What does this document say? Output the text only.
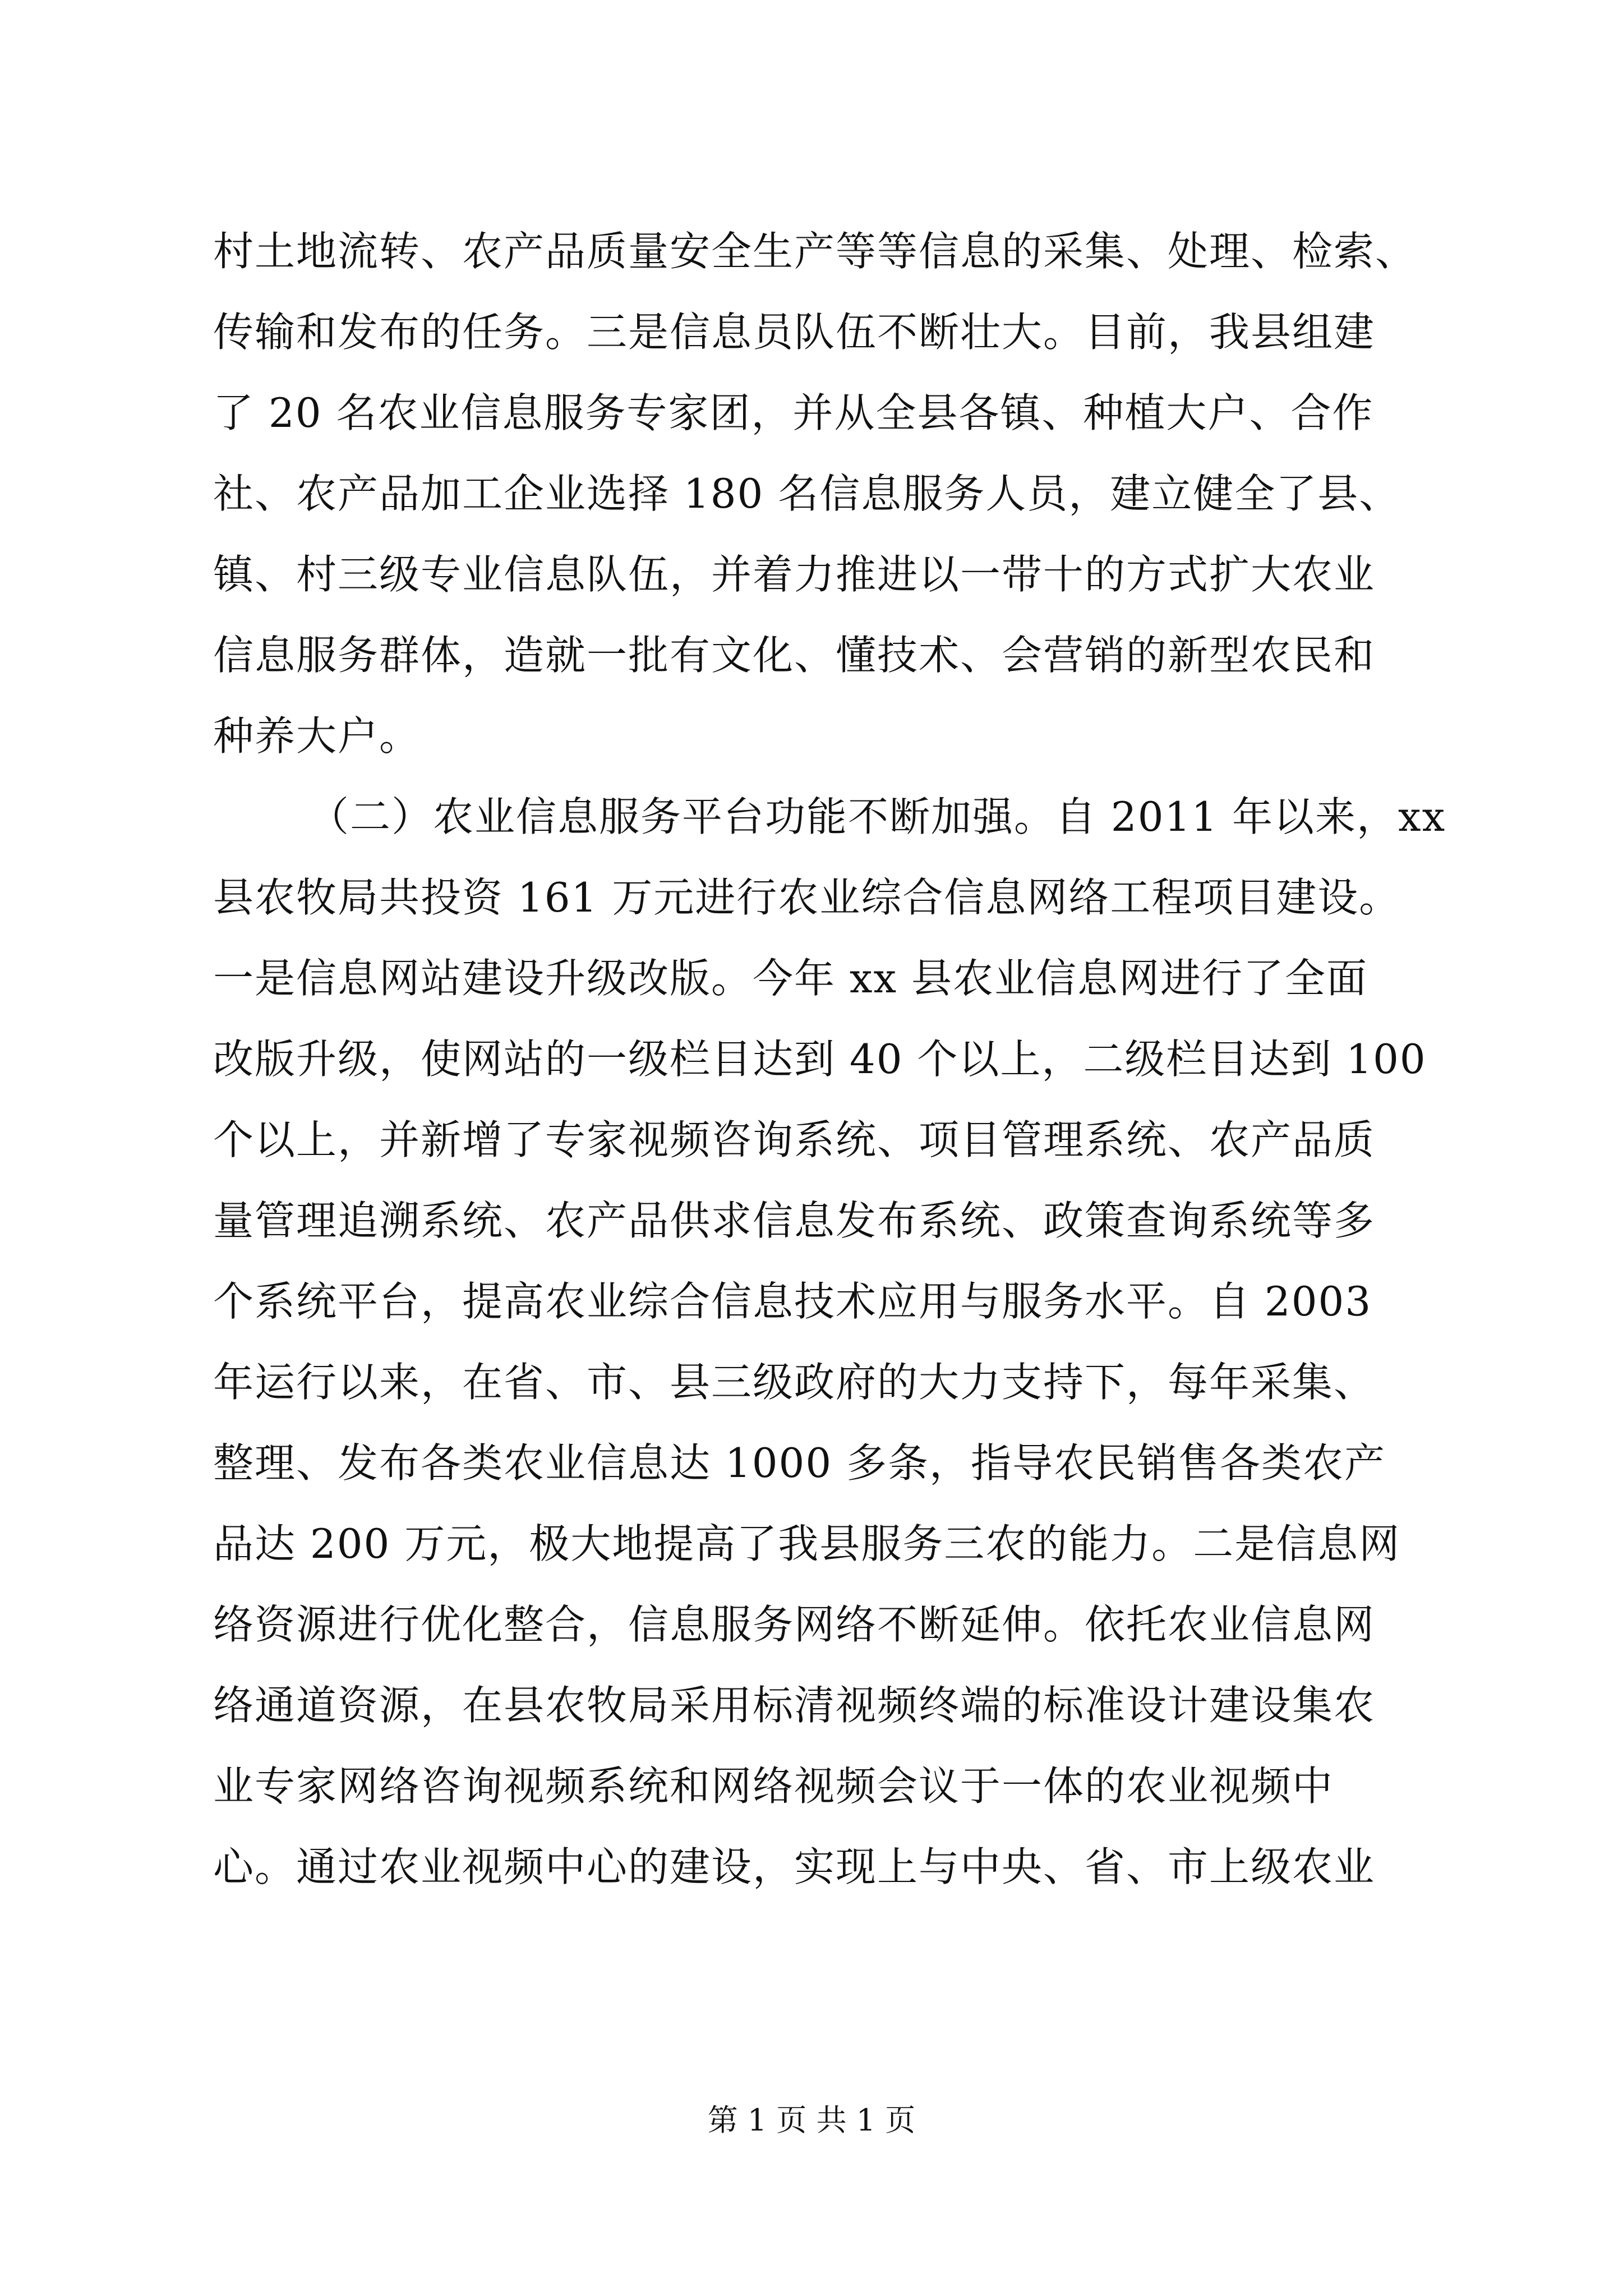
村土地流转、农产品质量安全生产等等信息的采集、处理、检索、
传输和发布的任务。三是信息员队伍不断壮大。目前，我县组建
了 20 名农业信息服务专家团，并从全县各镇、种植大户、合作
社、农产品加工企业选择 180 名信息服务人员，建立健全了县、
镇、村三级专业信息队伍，并着力推进以一带十的方式扩大农业
信息服务群体，造就一批有文化、懂技术、会营销的新型农民和
种养大户。
（二）农业信息服务平台功能不断加强。自 2011 年以来，xx
县农牧局共投资 161 万元进行农业综合信息网络工程项目建设。
一是信息网站建设升级改版。今年 xx 县农业信息网进行了全面
改版升级，使网站的一级栏目达到 40 个以上，二级栏目达到 100
个以上，并新增了专家视频咨询系统、项目管理系统、农产品质
量管理追溯系统、农产品供求信息发布系统、政策查询系统等多
个系统平台，提高农业综合信息技术应用与服务水平。自 2003
年运行以来，在省、市、县三级政府的大力支持下，每年采集、
整理、发布各类农业信息达 1000 多条，指导农民销售各类农产
品达 200 万元，极大地提高了我县服务三农的能力。二是信息网
络资源进行优化整合，信息服务网络不断延伸。依托农业信息网
络通道资源，在县农牧局采用标清视频终端的标准设计建设集农
业专家网络咨询视频系统和网络视频会议于一体的农业视频中
心。通过农业视频中心的建设，实现上与中央、省、市上级农业
第 1 页 共 1 页
